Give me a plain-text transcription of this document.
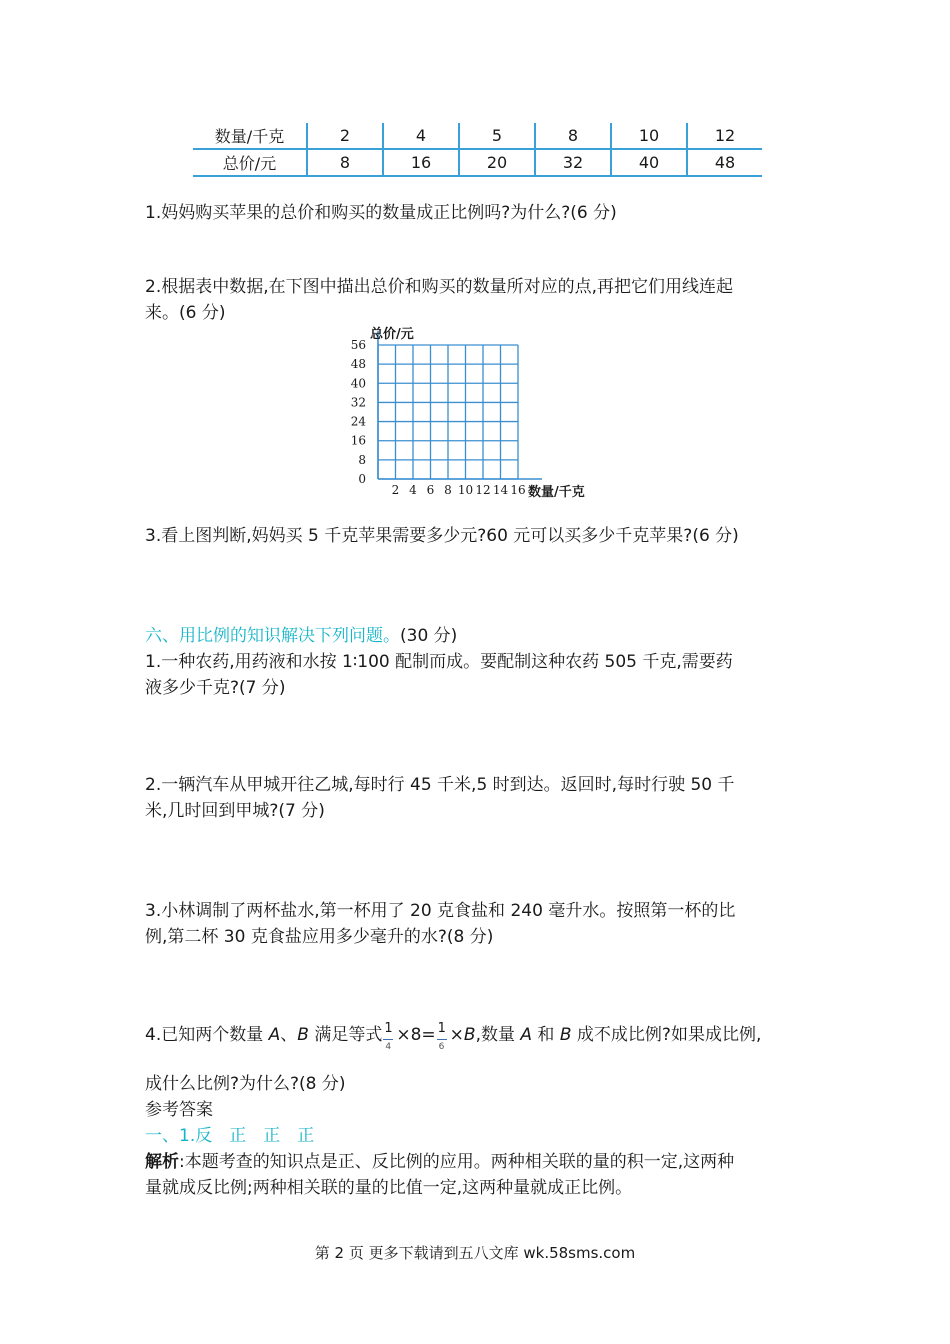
数量/千克	2	4	5	8	10	12
总价/元	8	16	20	32	40	48
1.妈妈购买苹果的总价和购买的数量成正比例吗?为什么?(6 分)
2.根据表中数据,在下图中描出总价和购买的数量所对应的点,再把它们用线连起
来。(6 分)
2 4 6 8 10 12 14 16
0
8
16
24
32
40
48
56
总价/元
数量/千克
3.看上图判断,妈妈买 5 千克苹果需要多少元?60 元可以买多少千克苹果?(6 分)
六、用比例的知识解决下列问题。(30 分)
1.一种农药,用药液和水按 1∶100 配制而成。要配制这种农药 505 千克,需要药
液多少千克?(7 分)
2.一辆汽车从甲城开往乙城,每时行 45 千米,5 时到达。返回时,每时行驶 50 千
米,几时回到甲城?(7 分)
3.小林调制了两杯盐水,第一杯用了 20 克食盐和 240 毫升水。按照第一杯的比
例,第二杯 30 克食盐应用多少毫升的水?(8 分)
4.已知两个数量 A、B 满足等式 $\frac{1}{4} \times 8= \frac{1}{6} \times B$,数量 A 和 B 成不成比例?如果成比例,
成什么比例?为什么?(8 分)
参考答案
一、1.反　正　正　正
解析:本题考查的知识点是正、反比例的应用。两种相关联的量的积一定,这两种
量就成反比例;两种相关联的量的比值一定,这两种量就成正比例。
第 2 页 更多下载请到五八文库 wk.58sms.com
